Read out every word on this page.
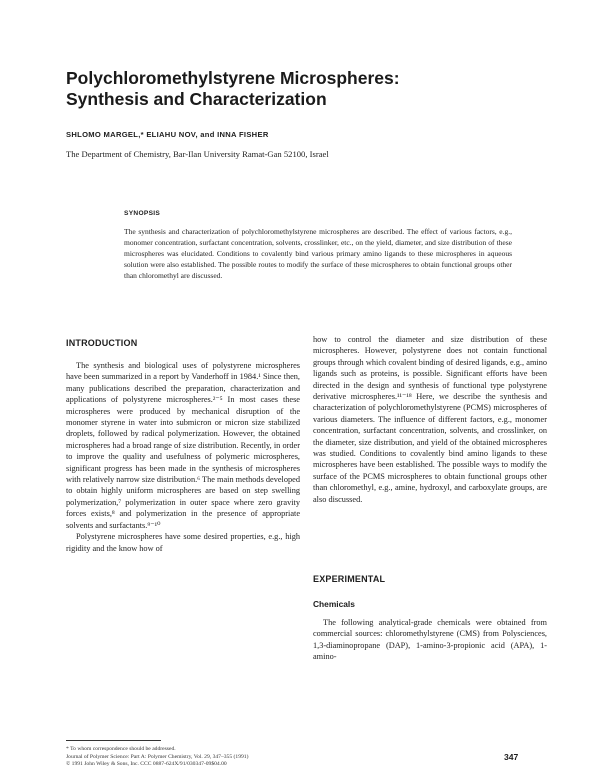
Polychloromethylstyrene Microspheres:
Synthesis and Characterization
SHLOMO MARGEL,* ELIAHU NOV, and INNA FISHER
The Department of Chemistry, Bar-Ilan University Ramat-Gan 52100, Israel
SYNOPSIS
The synthesis and characterization of polychloromethylstyrene microspheres are described. The effect of various factors, e.g., monomer concentration, surfactant concentration, solvents, crosslinker, etc., on the yield, diameter, and size distribution of these microspheres was elucidated. Conditions to covalently bind various primary amino ligands to these microspheres in aqueous solution were also established. The possible routes to modify the surface of these microspheres to obtain functional groups other than chloromethyl are discussed.
INTRODUCTION

The synthesis and biological uses of polystyrene microspheres have been summarized in a report by Vanderhoff in 1984.¹ Since then, many publications described the preparation, characterization and applications of polystyrene microspheres.²⁻⁵ In most cases these microspheres were produced by mechanical disruption of the monomer styrene in water into submicron or micron size stabilized droplets, followed by radical polymerization. However, the obtained microspheres had a broad range of size distribution. Recently, in order to improve the quality and usefulness of polymeric microspheres, significant progress has been made in the synthesis of microspheres with relatively narrow size distribution.⁶ The main methods developed to obtain highly uniform microspheres are based on step swelling polymerization,⁷ polymerization in outer space where zero gravity forces exists,⁸ and polymerization in the presence of appropriate solvents and surfactants.⁹⁻¹⁰

Polystyrene microspheres have some desired properties, e.g., high rigidity and the know how of

how to control the diameter and size distribution of these microspheres. However, polystyrene does not contain functional groups through which covalent binding of desired ligands, e.g., amino ligands such as proteins, is possible. Significant efforts have been directed in the design and synthesis of functional type polystyrene derivative microspheres.¹¹⁻¹⁸ Here, we describe the synthesis and characterization of polychloromethylstyrene (PCMS) microspheres of various diameters. The influence of different factors, e.g., monomer concentration, surfactant concentration, solvents, and crosslinker, on the diameter, size distribution, and yield of the obtained microspheres was studied. Conditions to covalently bind amino ligands to these microspheres have been established. The possible ways to modify the surface of the PCMS microspheres to obtain functional groups other than chloromethyl, e.g., amine, hydroxyl, and carboxylate groups, are also discussed.

EXPERIMENTAL
Chemicals

The following analytical-grade chemicals were obtained from commercial sources: chloromethylstyrene (CMS) from Polysciences, 1,3-diaminopropane (DAP), 1-amino-3-propionic acid (APA), 1-amino-

* To whom correspondence should be addressed.
Journal of Polymer Science: Part A: Polymer Chemistry, Vol. 29, 347–355 (1991)
© 1991 John Wiley & Sons, Inc. CCC 0887-624X/91/030347-09$04.00
347
